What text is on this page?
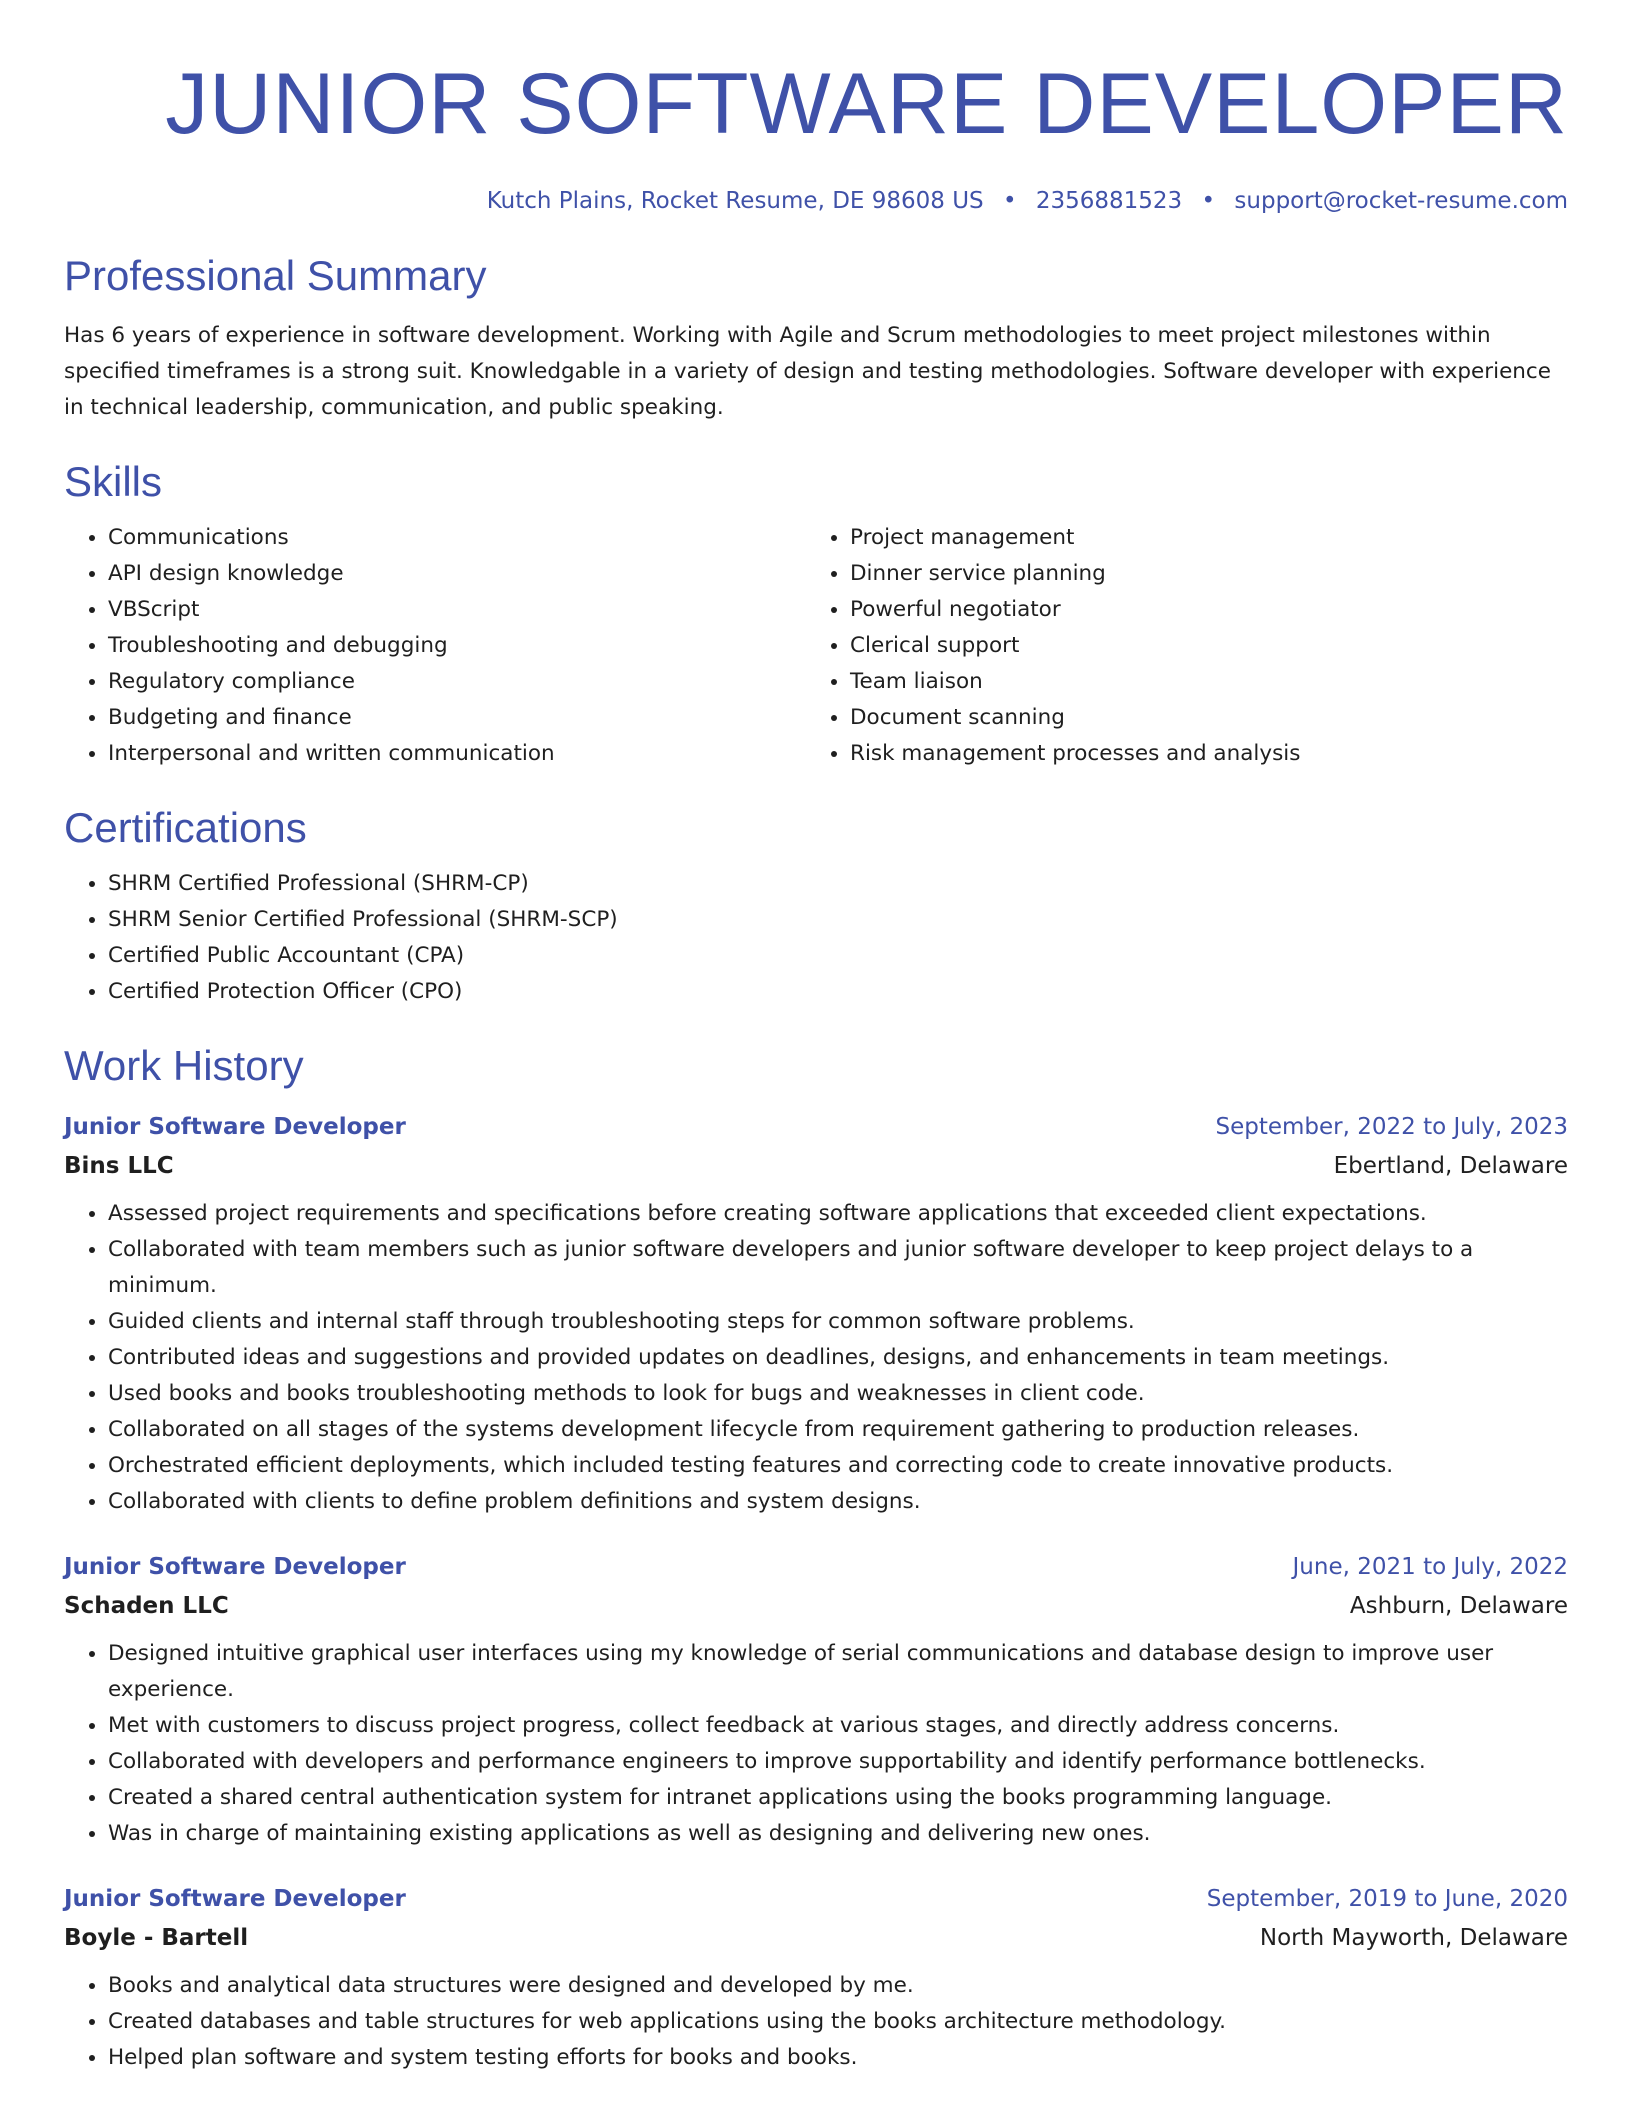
JUNIOR SOFTWARE DEVELOPER
Kutch Plains, Rocket Resume, DE 98608 US • 2356881523 • support@rocket-resume.com
Professional Summary

Has 6 years of experience in software development. Working with Agile and Scrum methodologies to meet project milestones within specified timeframes is a strong suit. Knowledgable in a variety of design and testing methodologies. Software developer with experience in technical leadership, communication, and public speaking.

Skills
• Communications
• API design knowledge
• VBScript
• Troubleshooting and debugging
• Regulatory compliance
• Budgeting and finance
• Interpersonal and written communication
• Project management
• Dinner service planning
• Powerful negotiator
• Clerical support
• Team liaison
• Document scanning
• Risk management processes and analysis
Certifications
• SHRM Certified Professional (SHRM-CP)
• SHRM Senior Certified Professional (SHRM-SCP)
• Certified Public Accountant (CPA)
• Certified Protection Officer (CPO)
Work History
Junior Software Developer	September, 2022 to July, 2023
Bins LLC	Ebertland, Delaware
• Assessed project requirements and specifications before creating software applications that exceeded client expectations.
• Collaborated with team members such as junior software developers and junior software developer to keep project delays to a minimum.
• Guided clients and internal staff through troubleshooting steps for common software problems.
• Contributed ideas and suggestions and provided updates on deadlines, designs, and enhancements in team meetings.
• Used books and books troubleshooting methods to look for bugs and weaknesses in client code.
• Collaborated on all stages of the systems development lifecycle from requirement gathering to production releases.
• Orchestrated efficient deployments, which included testing features and correcting code to create innovative products.
• Collaborated with clients to define problem definitions and system designs.
Junior Software Developer	June, 2021 to July, 2022
Schaden LLC	Ashburn, Delaware
• Designed intuitive graphical user interfaces using my knowledge of serial communications and database design to improve user experience.
• Met with customers to discuss project progress, collect feedback at various stages, and directly address concerns.
• Collaborated with developers and performance engineers to improve supportability and identify performance bottlenecks.
• Created a shared central authentication system for intranet applications using the books programming language.
• Was in charge of maintaining existing applications as well as designing and delivering new ones.
Junior Software Developer	September, 2019 to June, 2020
Boyle - Bartell	North Mayworth, Delaware
• Books and analytical data structures were designed and developed by me.
• Created databases and table structures for web applications using the books architecture methodology.
• Helped plan software and system testing efforts for books and books.
